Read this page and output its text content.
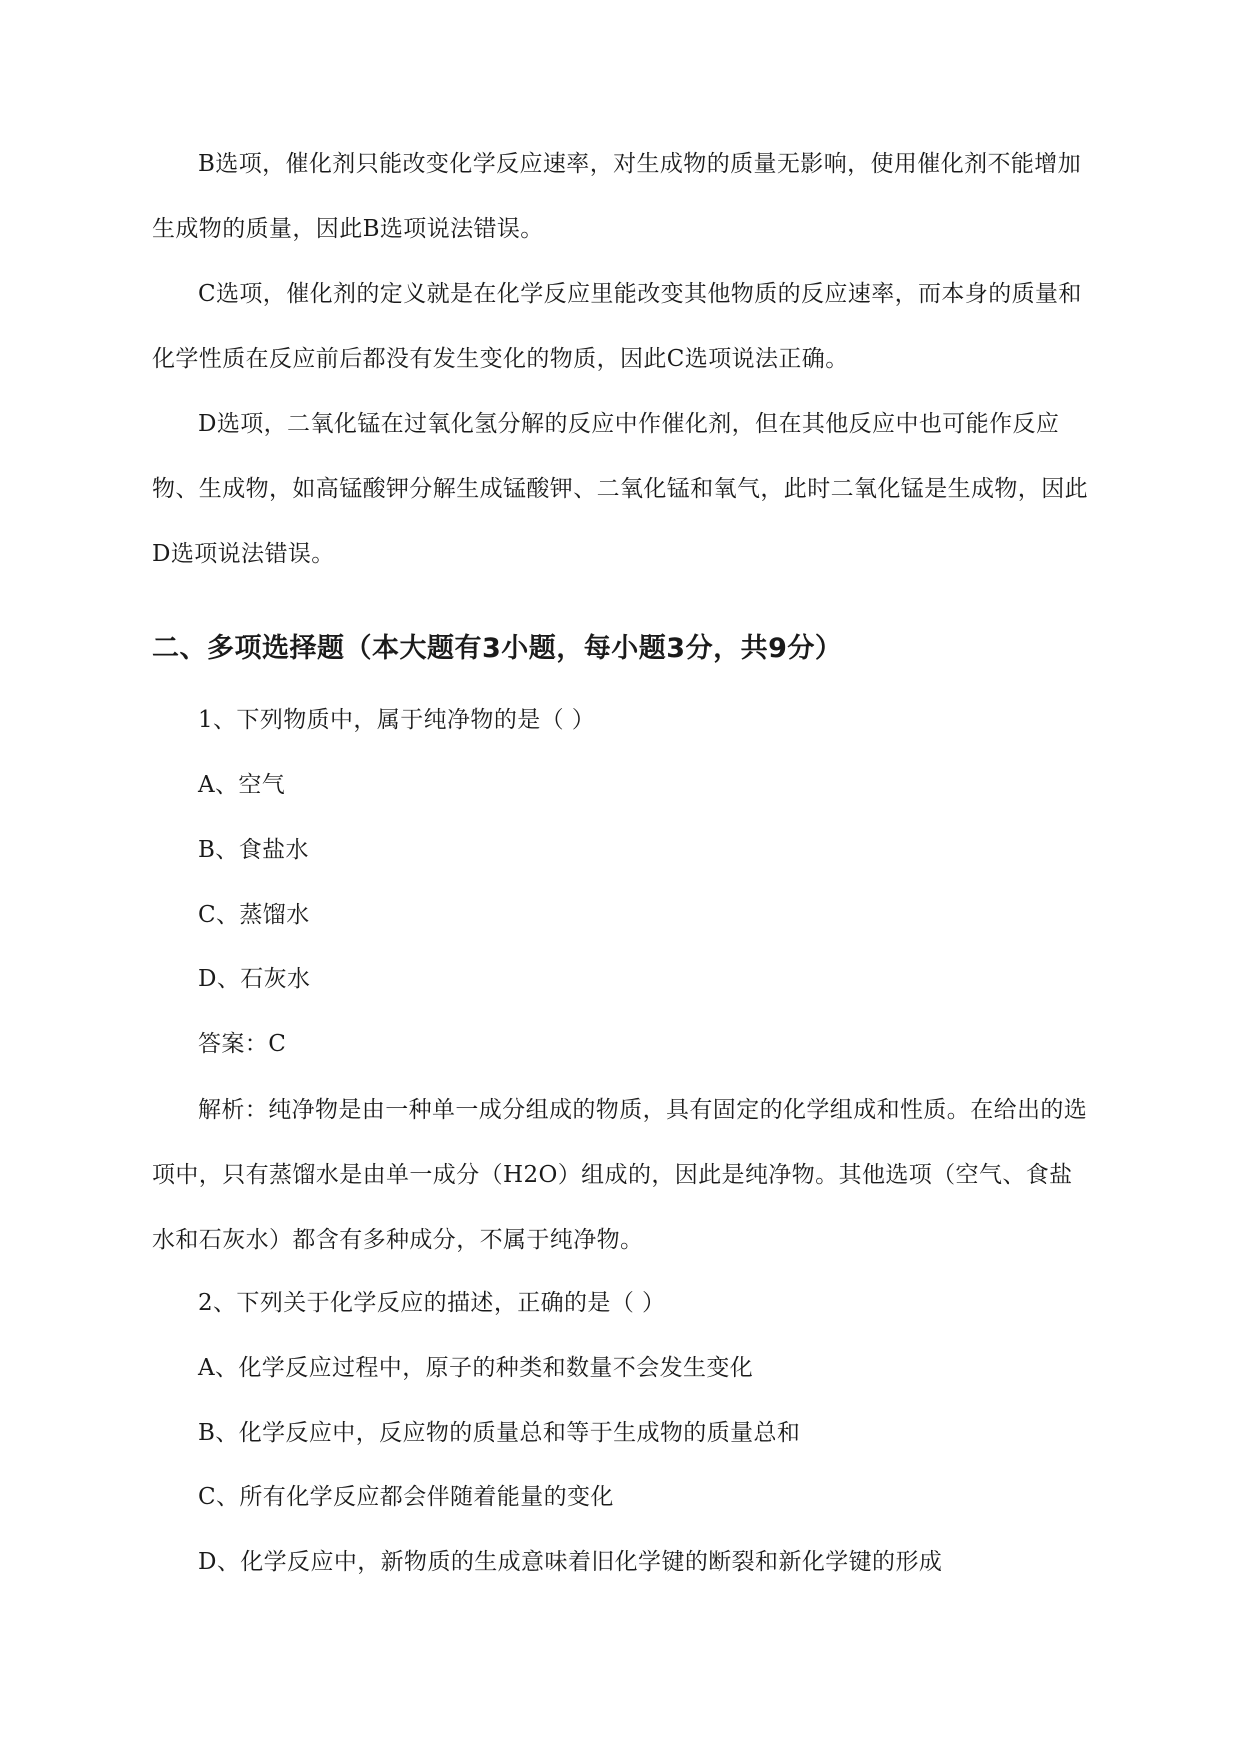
B选项，催化剂只能改变化学反应速率，对生成物的质量无影响，使用催化剂不能增加生成物的质量，因此B选项说法错误。

C选项，催化剂的定义就是在化学反应里能改变其他物质的反应速率，而本身的质量和化学性质在反应前后都没有发生变化的物质，因此C选项说法正确。

D选项，二氧化锰在过氧化氢分解的反应中作催化剂，但在其他反应中也可能作反应物、生成物，如高锰酸钾分解生成锰酸钾、二氧化锰和氧气，此时二氧化锰是生成物，因此D选项说法错误。

二、多项选择题（本大题有3小题，每小题3分，共9分）

1、下列物质中，属于纯净物的是（ ）

A、空气

B、食盐水

C、蒸馏水

D、石灰水

答案：C

解析：纯净物是由一种单一成分组成的物质，具有固定的化学组成和性质。在给出的选项中，只有蒸馏水是由单一成分（H2O）组成的，因此是纯净物。其他选项（空气、食盐水和石灰水）都含有多种成分，不属于纯净物。

2、下列关于化学反应的描述，正确的是（ ）

A、化学反应过程中，原子的种类和数量不会发生变化

B、化学反应中，反应物的质量总和等于生成物的质量总和

C、所有化学反应都会伴随着能量的变化

D、化学反应中，新物质的生成意味着旧化学键的断裂和新化学键的形成
